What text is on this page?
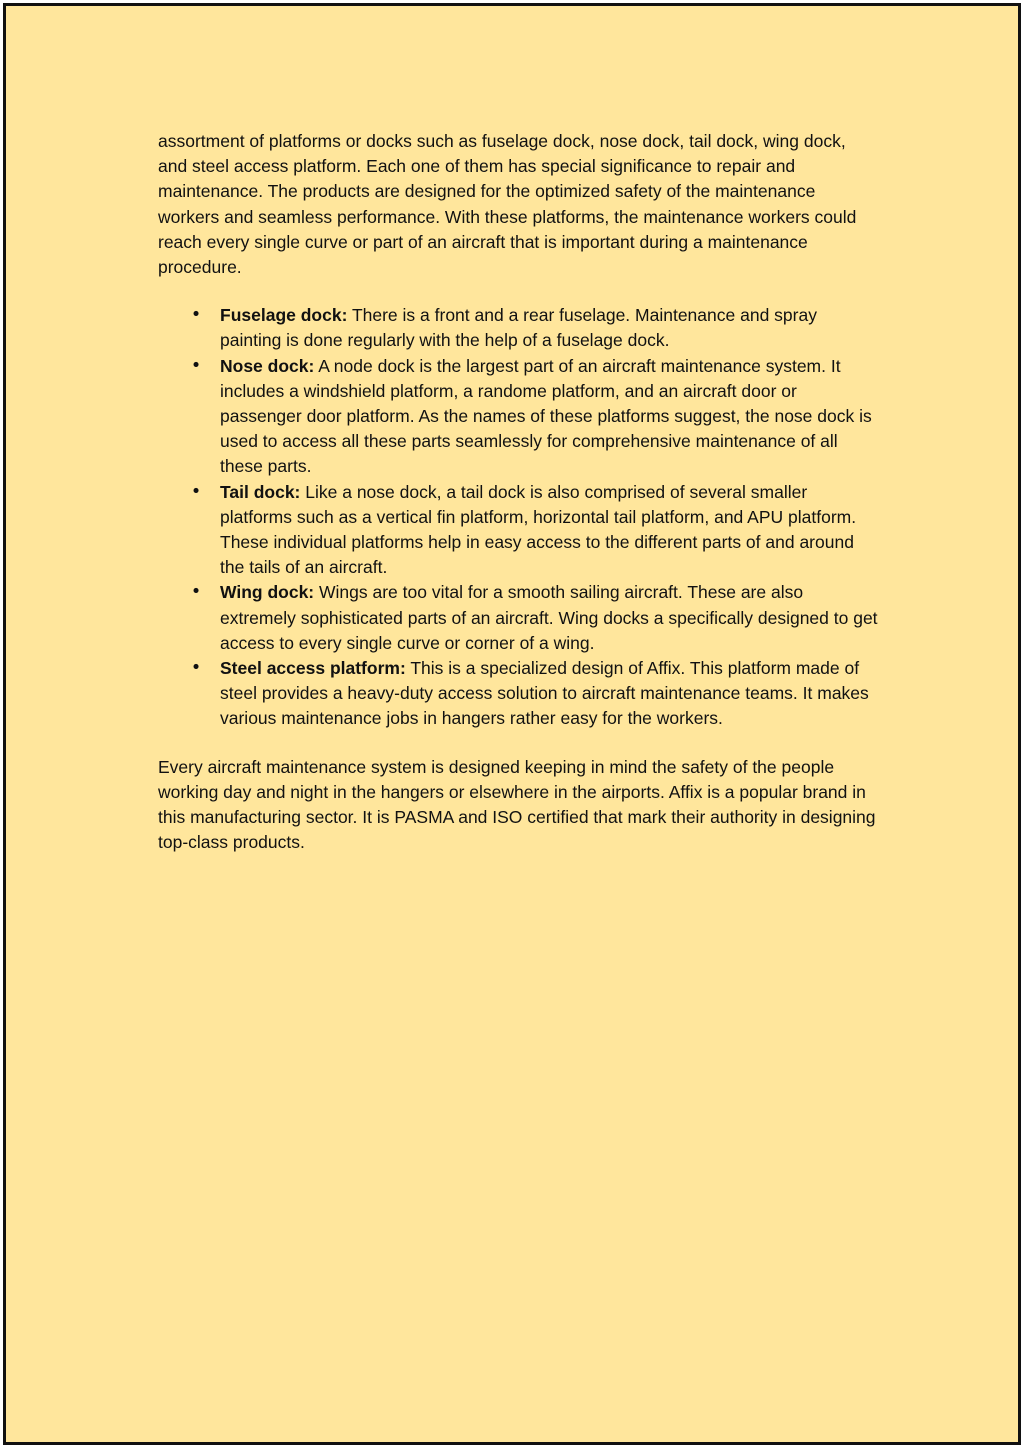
assortment of platforms or docks such as fuselage dock, nose dock, tail dock, wing dock, and steel access platform. Each one of them has special significance to repair and maintenance. The products are designed for the optimized safety of the maintenance workers and seamless performance. With these platforms, the maintenance workers could reach every single curve or part of an aircraft that is important during a maintenance procedure.

• Fuselage dock: There is a front and a rear fuselage. Maintenance and spray painting is done regularly with the help of a fuselage dock.
• Nose dock: A node dock is the largest part of an aircraft maintenance system. It includes a windshield platform, a randome platform, and an aircraft door or passenger door platform. As the names of these platforms suggest, the nose dock is used to access all these parts seamlessly for comprehensive maintenance of all these parts.
• Tail dock: Like a nose dock, a tail dock is also comprised of several smaller platforms such as a vertical fin platform, horizontal tail platform, and APU platform. These individual platforms help in easy access to the different parts of and around the tails of an aircraft.
• Wing dock: Wings are too vital for a smooth sailing aircraft. These are also extremely sophisticated parts of an aircraft. Wing docks a specifically designed to get access to every single curve or corner of a wing.
• Steel access platform: This is a specialized design of Affix. This platform made of steel provides a heavy-duty access solution to aircraft maintenance teams. It makes various maintenance jobs in hangers rather easy for the workers.

Every aircraft maintenance system is designed keeping in mind the safety of the people working day and night in the hangers or elsewhere in the airports. Affix is a popular brand in this manufacturing sector. It is PASMA and ISO certified that mark their authority in designing top-class products.
